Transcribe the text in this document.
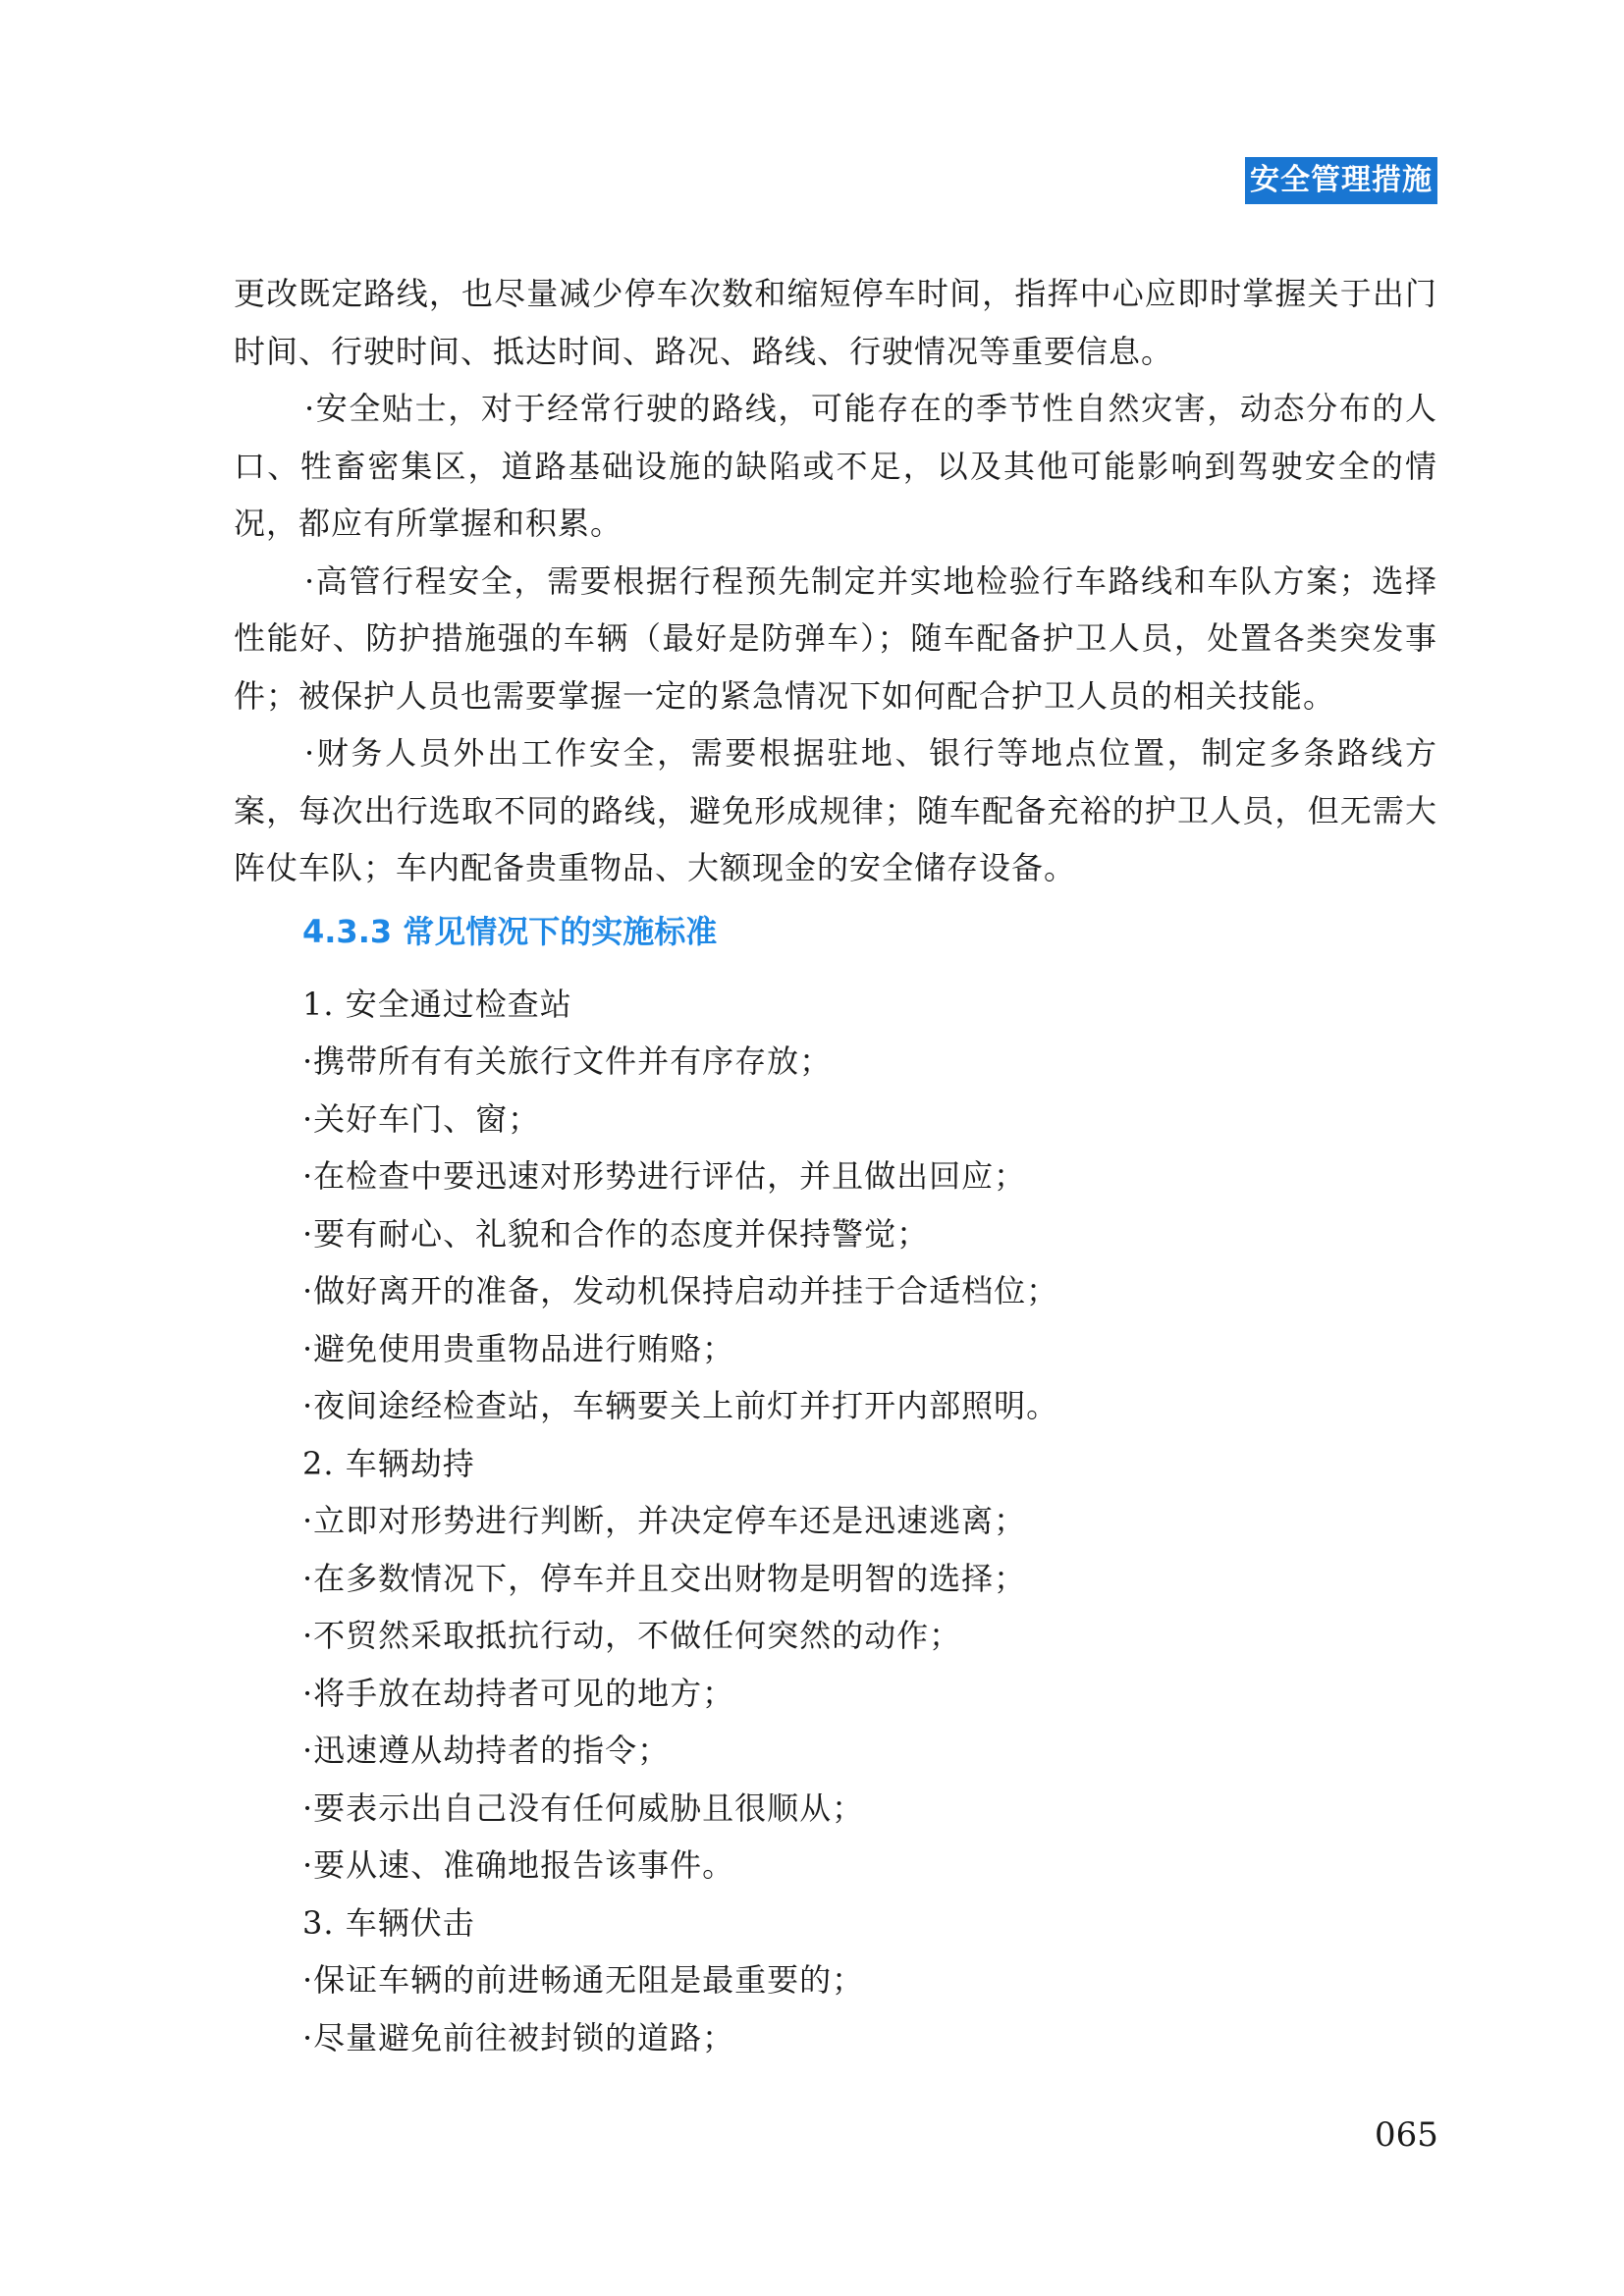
安全管理措施

更改既定路线，也尽量减少停车次数和缩短停车时间，指挥中心应即时掌握关于出门时间、行驶时间、抵达时间、路况、路线、行驶情况等重要信息。

·安全贴士，对于经常行驶的路线，可能存在的季节性自然灾害，动态分布的人口、牲畜密集区，道路基础设施的缺陷或不足，以及其他可能影响到驾驶安全的情况，都应有所掌握和积累。

·高管行程安全，需要根据行程预先制定并实地检验行车路线和车队方案；选择性能好、防护措施强的车辆（最好是防弹车）；随车配备护卫人员，处置各类突发事件；被保护人员也需要掌握一定的紧急情况下如何配合护卫人员的相关技能。

·财务人员外出工作安全，需要根据驻地、银行等地点位置，制定多条路线方案，每次出行选取不同的路线，避免形成规律；随车配备充裕的护卫人员，但无需大阵仗车队；车内配备贵重物品、大额现金的安全储存设备。

4.3.3 常见情况下的实施标准

1. 安全通过检查站

·携带所有有关旅行文件并有序存放；

·关好车门、窗；

·在检查中要迅速对形势进行评估，并且做出回应；

·要有耐心、礼貌和合作的态度并保持警觉；

·做好离开的准备，发动机保持启动并挂于合适档位；

·避免使用贵重物品进行贿赂；

·夜间途经检查站，车辆要关上前灯并打开内部照明。

2. 车辆劫持

·立即对形势进行判断，并决定停车还是迅速逃离；

·在多数情况下，停车并且交出财物是明智的选择；

·不贸然采取抵抗行动，不做任何突然的动作；

·将手放在劫持者可见的地方；

·迅速遵从劫持者的指令；

·要表示出自己没有任何威胁且很顺从；

·要从速、准确地报告该事件。

3. 车辆伏击

·保证车辆的前进畅通无阻是最重要的；

·尽量避免前往被封锁的道路；

065
